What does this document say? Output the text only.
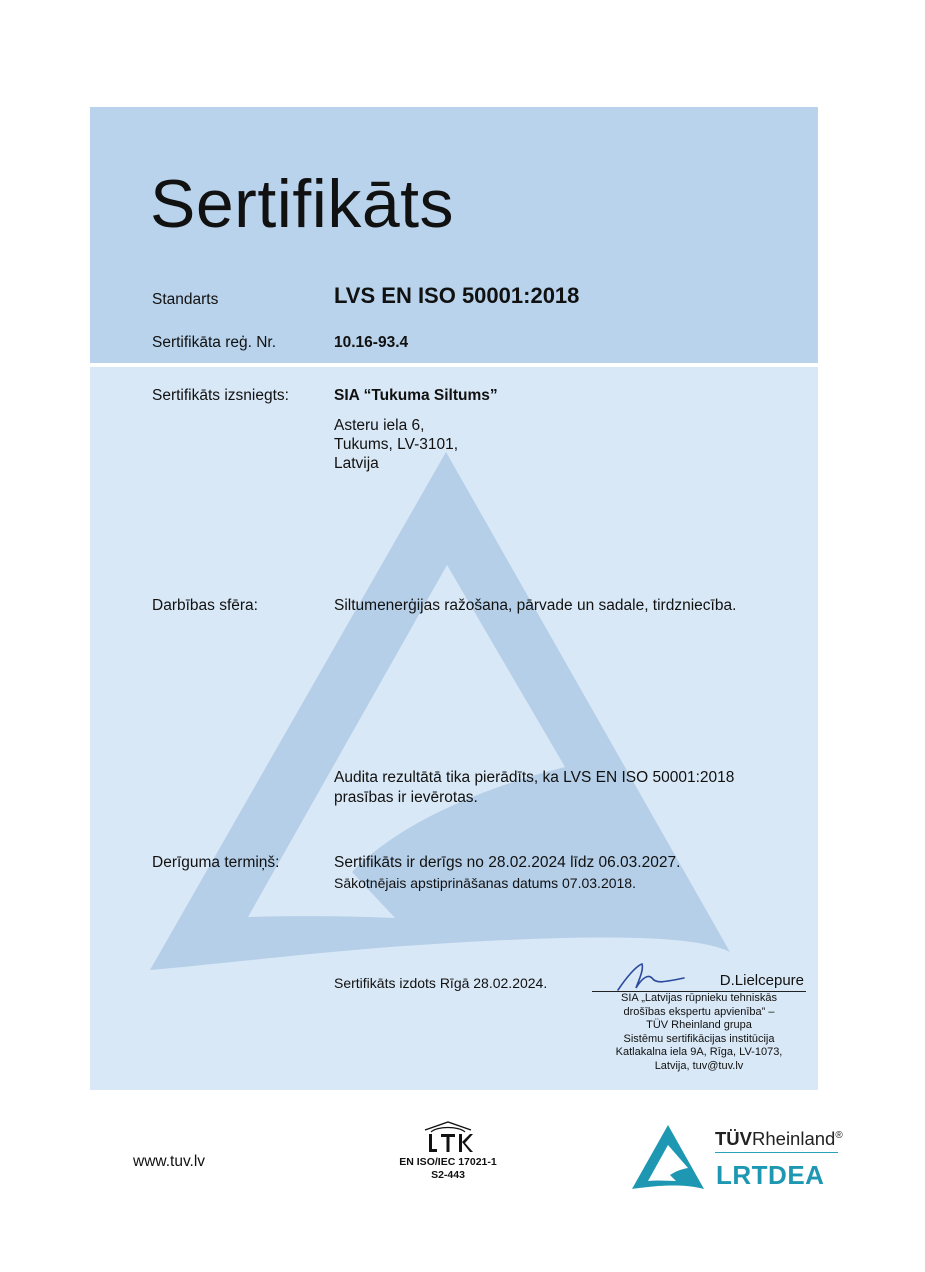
Sertifikāts
Standarts	LVS EN ISO 50001:2018
Sertifikāta reģ. Nr.	10.16-93.4
Sertifikāts izsniegts:	SIA “Tukuma Siltums”
Asteru iela 6,
Tukums, LV-3101,
Latvija
Darbības sfēra:	Siltumenerģijas ražošana, pārvade un sadale, tirdzniecība.
Audita rezultātā tika pierādīts, ka LVS EN ISO 50001:2018
prasības ir ievērotas.
Derīguma termiņš:	Sertifikāts ir derīgs no 28.02.2024 līdz 06.03.2027.
Sākotnējais apstiprināšanas datums 07.03.2018.
Sertifikāts izdots Rīgā 28.02.2024.	D.Lielcepure
SIA „Latvijas rūpnieku tehniskās
drošības ekspertu apvienība” –
TÜV Rheinland grupa
Sistēmu sertifikācijas institūcija
Katlakalna iela 9A, Rīga, LV-1073,
Latvija, tuv@tuv.lv
www.tuv.lv	EN ISO/IEC 17021-1
S2-443
TÜVRheinland®
LRTDEA
